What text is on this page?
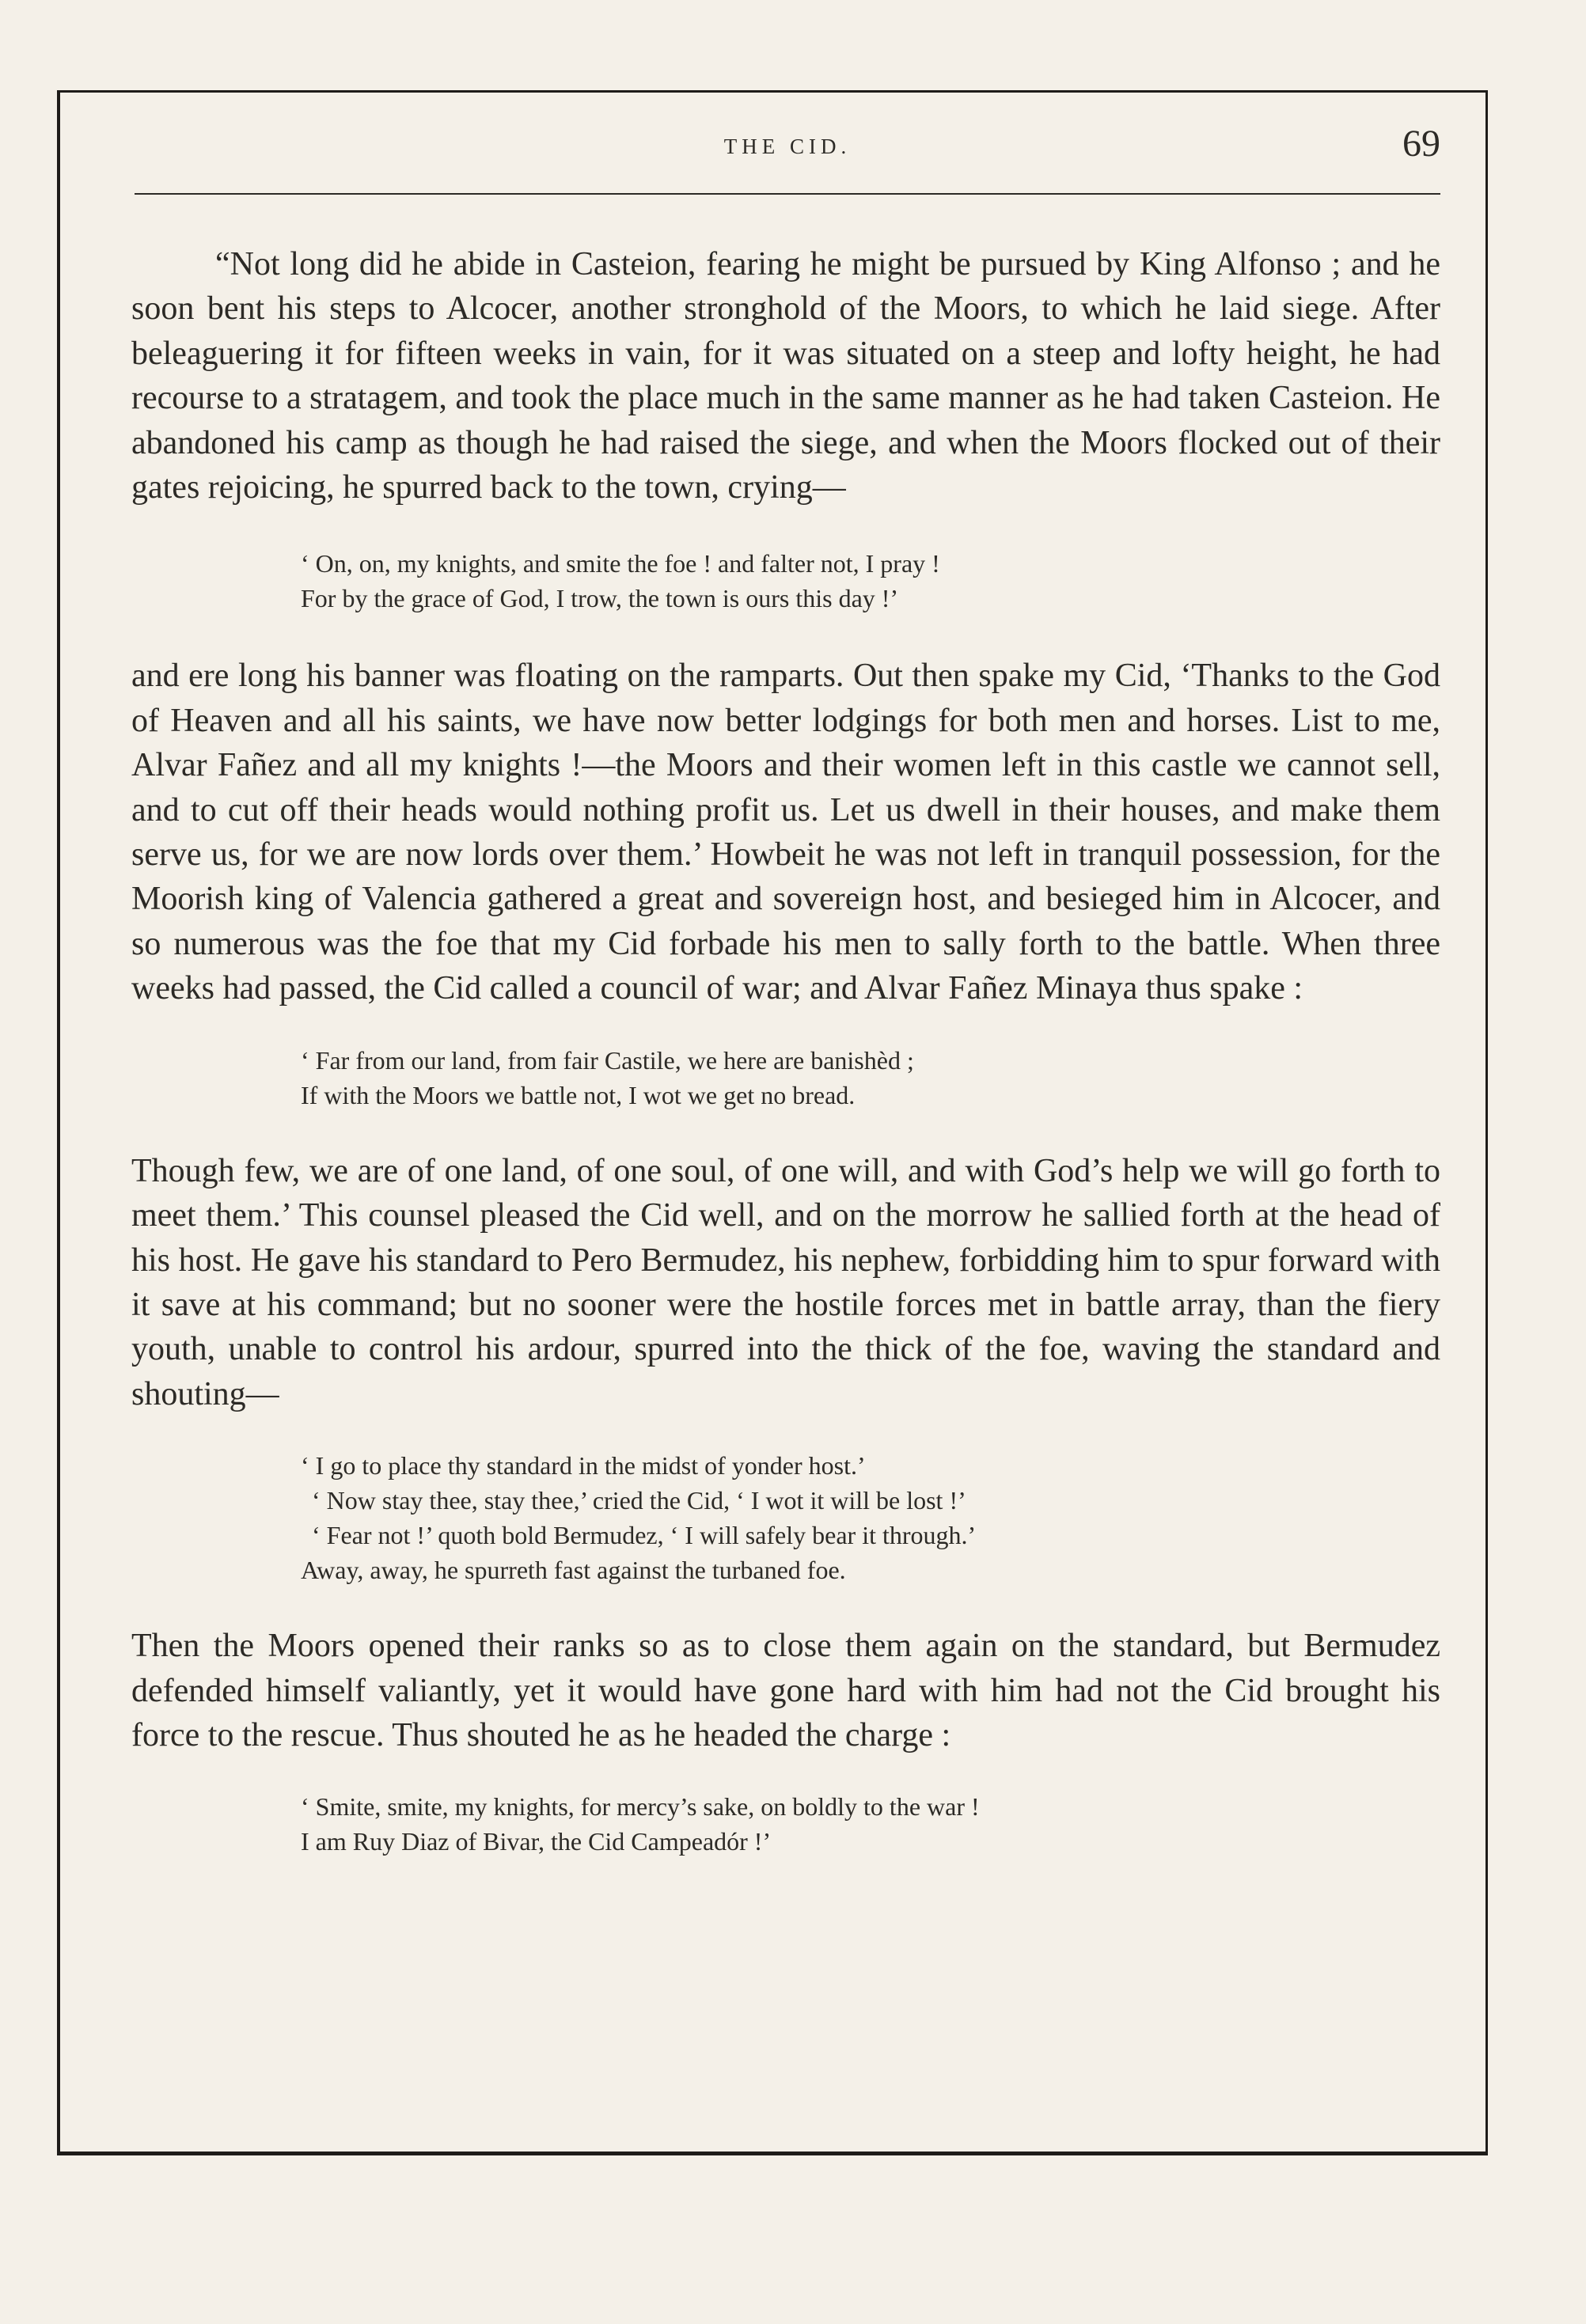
THE CID.	69

“Not long did he abide in Casteion, fearing he might be pursued by King Alfonso ; and he soon bent his steps to Alcocer, another stronghold of the Moors, to which he laid siege. After beleaguering it for fifteen weeks in vain, for it was situated on a steep and lofty height, he had recourse to a stratagem, and took the place much in the same manner as he had taken Casteion. He abandoned his camp as though he had raised the siege, and when the Moors flocked out of their gates rejoicing, he spurred back to the town, crying—

‘ On, on, my knights, and smite the foe ! and falter not, I pray !
For by the grace of God, I trow, the town is ours this day !’

and ere long his banner was floating on the ramparts. Out then spake my Cid, ‘Thanks to the God of Heaven and all his saints, we have now better lodgings for both men and horses. List to me, Alvar Fañez and all my knights !—the Moors and their women left in this castle we cannot sell, and to cut off their heads would nothing profit us. Let us dwell in their houses, and make them serve us, for we are now lords over them.’ Howbeit he was not left in tranquil possession, for the Moorish king of Valencia gathered a great and sovereign host, and besieged him in Alcocer, and so numerous was the foe that my Cid forbade his men to sally forth to the battle. When three weeks had passed, the Cid called a council of war; and Alvar Fañez Minaya thus spake :

‘ Far from our land, from fair Castile, we here are banishèd ;
If with the Moors we battle not, I wot we get no bread.

Though few, we are of one land, of one soul, of one will, and with God’s help we will go forth to meet them.’ This counsel pleased the Cid well, and on the morrow he sallied forth at the head of his host. He gave his standard to Pero Bermudez, his nephew, forbidding him to spur forward with it save at his command; but no sooner were the hostile forces met in battle array, than the fiery youth, unable to control his ardour, spurred into the thick of the foe, waving the standard and shouting—

‘ I go to place thy standard in the midst of yonder host.’
‘ Now stay thee, stay thee,’ cried the Cid, ‘ I wot it will be lost !’
‘ Fear not !’ quoth bold Bermudez, ‘ I will safely bear it through.’
Away, away, he spurreth fast against the turbaned foe.

Then the Moors opened their ranks so as to close them again on the standard, but Bermudez defended himself valiantly, yet it would have gone hard with him had not the Cid brought his force to the rescue. Thus shouted he as he headed the charge :

‘ Smite, smite, my knights, for mercy’s sake, on boldly to the war !
I am Ruy Diaz of Bivar, the Cid Campeadór !’
